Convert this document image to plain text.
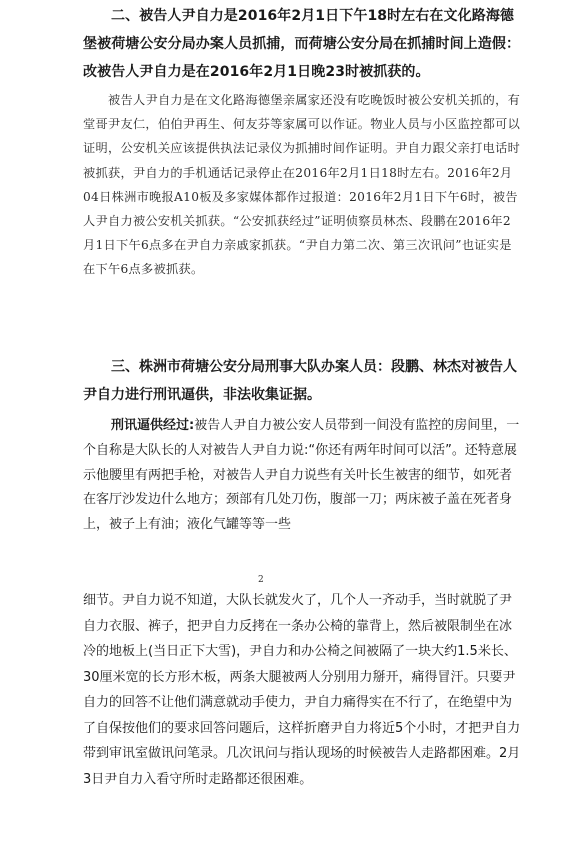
二、被告人尹自力是2016年2月1日下午18时左右在文化路海德堡被荷塘公安分局办案人员抓捕，而荷塘公安分局在抓捕时间上造假：改被告人尹自力是在2016年2月1日晚23时被抓获的。
被告人尹自力是在文化路海德堡亲属家还没有吃晚饭时被公安机关抓的，有堂哥尹友仁，伯伯尹再生、何友芬等家属可以作证。物业人员与小区监控都可以证明，公安机关应该提供执法记录仪为抓捕时间作证明。尹自力跟父亲打电话时被抓获，尹自力的手机通话记录停止在2016年2月1日18时左右。2016年2月04日株洲市晚报A10板及多家媒体都作过报道：2016年2月1日下午6时，被告人尹自力被公安机关抓获。“公安抓获经过”证明侦察员林杰、段鹏在2016年2月1日下午6点多在尹自力亲戚家抓获。“尹自力第二次、第三次讯问”也证实是在下午6点多被抓获。
三、株洲市荷塘公安分局刑事大队办案人员：段鹏、林杰对被告人尹自力进行刑讯逼供，非法收集证据。
刑讯逼供经过:被告人尹自力被公安人员带到一间没有监控的房间里，一个自称是大队长的人对被告人尹自力说:“你还有两年时间可以活”。还特意展示他腰里有两把手枪，对被告人尹自力说些有关叶长生被害的细节，如死者在客厅沙发边什么地方；颈部有几处刀伤，腹部一刀；两床被子盖在死者身上，被子上有油；液化气罐等等一些
2
细节。尹自力说不知道，大队长就发火了，几个人一齐动手，当时就脱了尹自力衣服、裤子，把尹自力反拷在一条办公椅的靠背上，然后被限制坐在冰冷的地板上(当日正下大雪)，尹自力和办公椅之间被隔了一块大约1.5米长、30厘米宽的长方形木板，两条大腿被两人分别用力掰开，痛得冒汗。只要尹自力的回答不让他们满意就动手使力，尹自力痛得实在不行了，在绝望中为了自保按他们的要求回答问题后，这样折磨尹自力将近5个小时，才把尹自力带到审讯室做讯问笔录。几次讯问与指认现场的时候被告人走路都困难。2月3日尹自力入看守所时走路都还很困难。
